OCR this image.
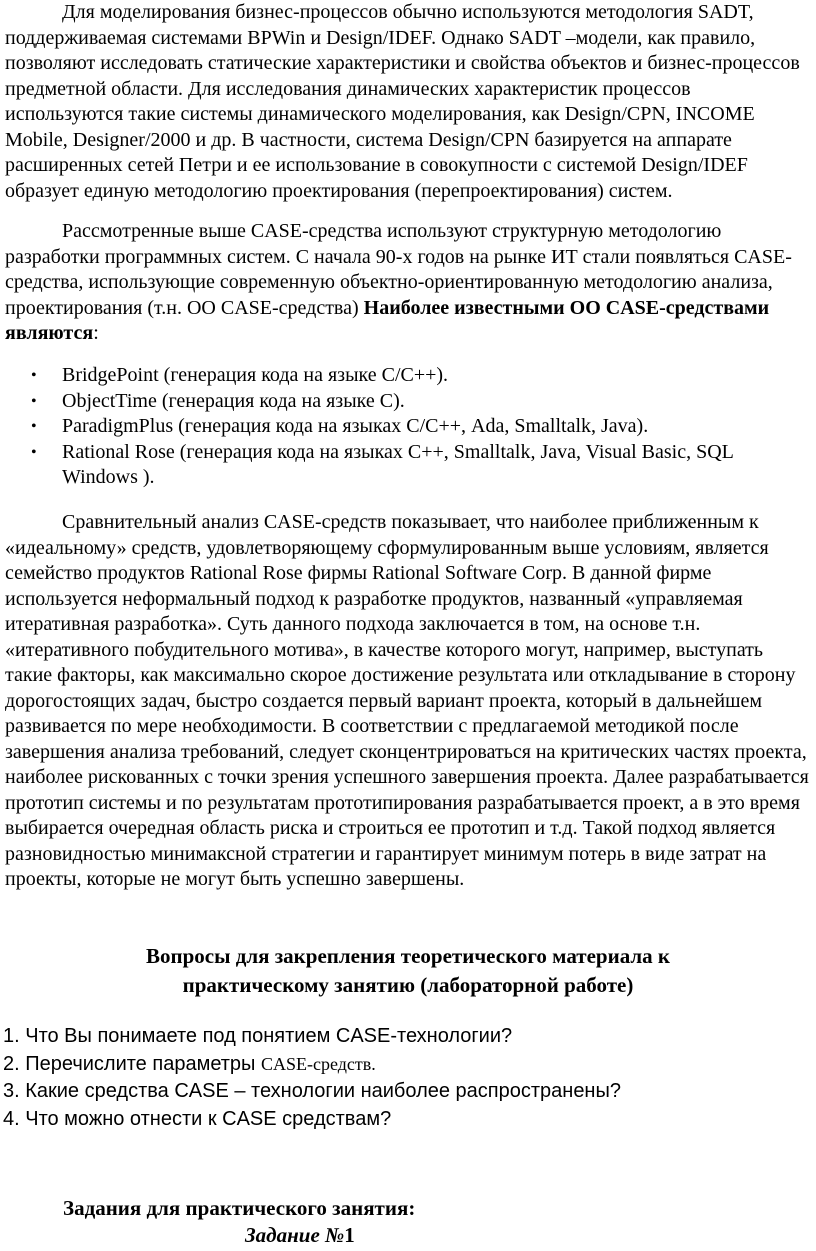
Для моделирования бизнес-процессов обычно используются методология SADT, поддерживаемая системами BPWin и Design/IDEF. Однако SADT –модели, как правило, позволяют исследовать статические характеристики и свойства объектов и бизнес-процессов предметной области. Для исследования динамических характеристик процессов используются такие системы динамического моделирования, как Design/CPN, INCOME Mobile, Designer/2000 и др. В частности, система Design/CPN базируется на аппарате расширенных сетей Петри и ее использование в совокупности с системой Design/IDEF образует единую методологию проектирования (перепроектирования) систем.

Рассмотренные выше CASE-средства используют структурную методологию разработки программных систем. С начала 90-х годов на рынке ИТ стали появляться CASE-средства, использующие современную объектно-ориентированную методологию анализа, проектирования (т.н. ОО CASE-средства) Наиболее известными ОО CASE-средствами являются:

• BridgePoint (генерация кода на языке С/С++).
• ObjectTime (генерация кода на языке С).
• ParadigmPlus (генерация кода на языках С/С++, Ada, Smalltalk, Java).
• Rational Rose (генерация кода на языках С++, Smalltalk, Java, Visual Basic, SQL Windows ).

Сравнительный анализ CASE-средств показывает, что наиболее приближенным к «идеальному» средств, удовлетворяющему сформулированным выше условиям, является семейство продуктов Rational Rose фирмы Rational Software Corp. В данной фирме используется неформальный подход к разработке продуктов, названный «управляемая итеративная разработка». Суть данного подхода заключается в том, на основе т.н. «итеративного побудительного мотива», в качестве которого могут, например, выступать такие факторы, как максимально скорое достижение результата или откладывание в сторону дорогостоящих задач, быстро создается первый вариант проекта, который в дальнейшем развивается по мере необходимости. В соответствии с предлагаемой методикой после завершения анализа требований, следует сконцентрироваться на критических частях проекта, наиболее рискованных с точки зрения успешного завершения проекта. Далее разрабатывается прототип системы и по результатам прототипирования разрабатывается проект, а в это время выбирается очередная область риска и строиться ее прототип и т.д. Такой подход является разновидностью минимаксной стратегии и гарантирует минимум потерь в виде затрат на проекты, которые не могут быть успешно завершены.

Вопросы для закрепления теоретического материала к
практическому занятию (лабораторной работе)
1. Что Вы понимаете под понятием CASE-технологии?
2. Перечислите параметры CASE-средств.
3. Какие средства CASE – технологии наиболее распространены?
4. Что можно отнести к CASE средствам?

Задания для практического занятия:

Задание №1
